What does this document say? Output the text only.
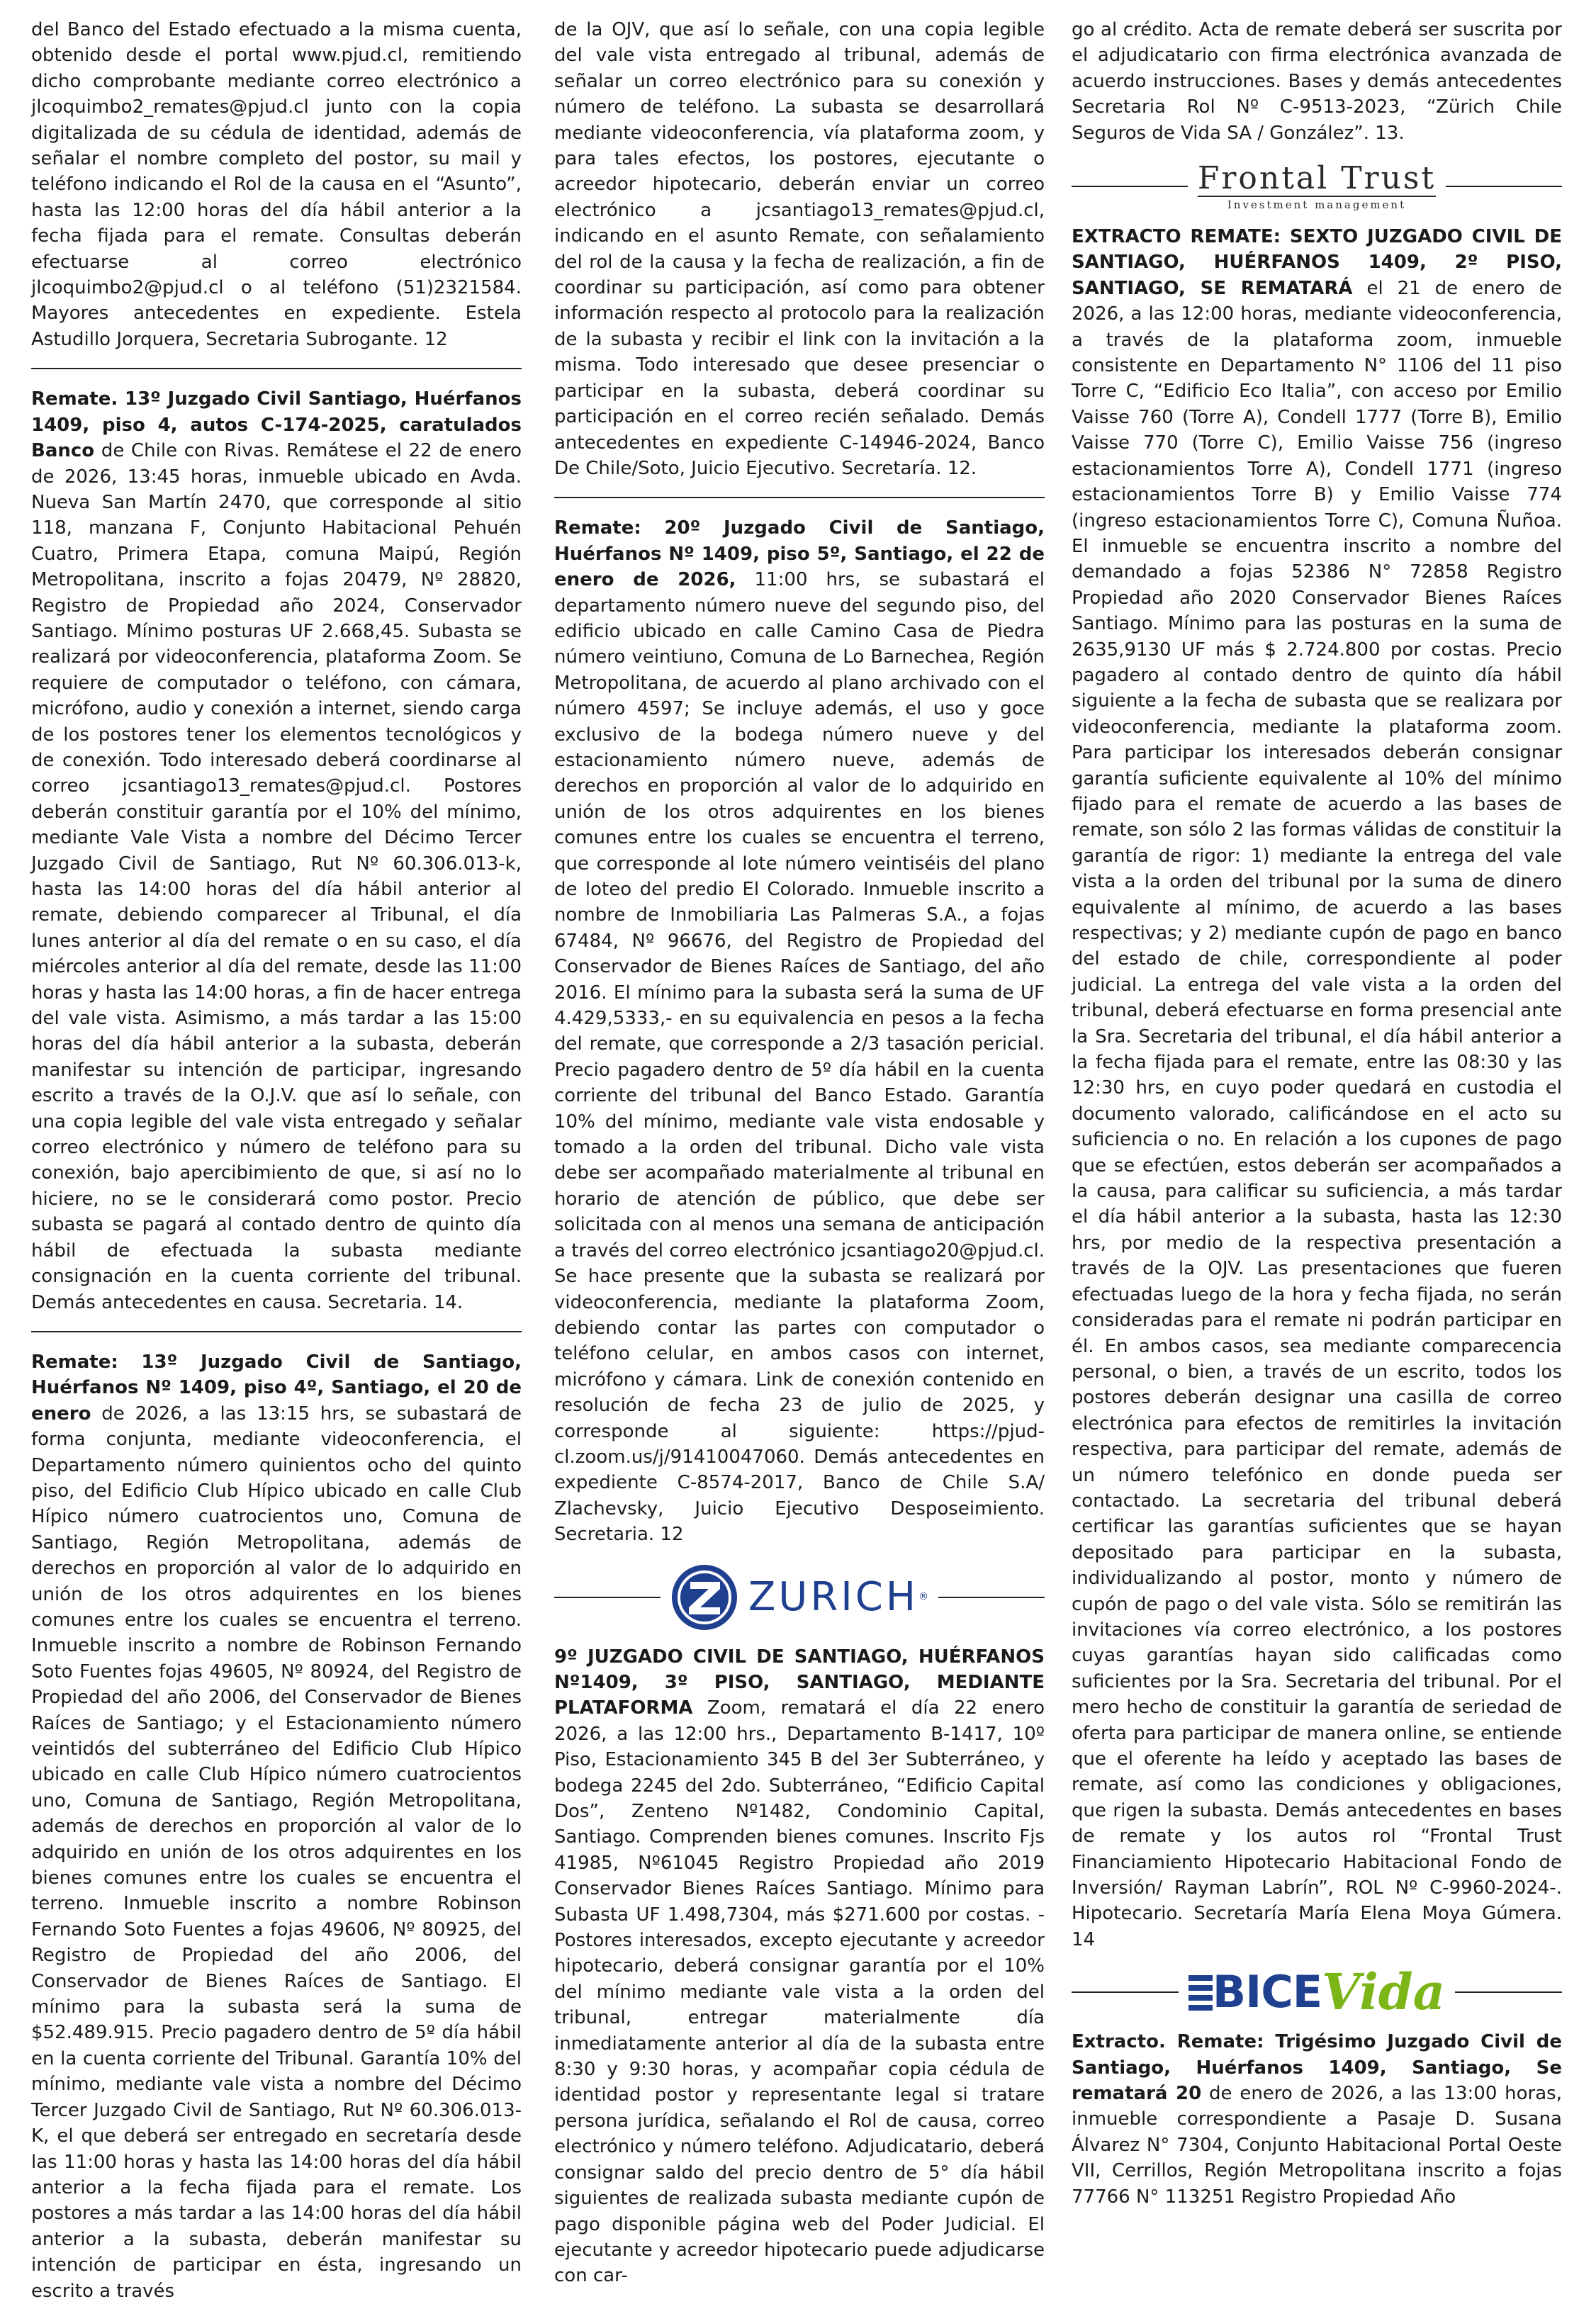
del Banco del Estado efectuado a la misma cuenta, obtenido desde el portal www.pjud.cl, remitiendo dicho comprobante mediante correo electrónico a jlcoquimbo2_remates@pjud.cl junto con la copia digitalizada de su cédula de identidad, además de señalar el nombre completo del postor, su mail y teléfono indicando el Rol de la causa en el “Asunto”, hasta las 12:00 horas del día hábil anterior a la fecha fijada para el remate. Consultas deberán efectuarse al correo electrónico jlcoquimbo2@pjud.cl o al teléfono (51)2321584. Mayores antecedentes en expediente. Estela Astudillo Jorquera, Secretaria Subrogante. 12

Remate. 13º Juzgado Civil Santiago, Huérfanos 1409, piso 4, autos C-174-2025, caratulados Banco de Chile con Rivas. Remátese el 22 de enero de 2026, 13:45 horas, inmueble ubicado en Avda. Nueva San Martín 2470, que corresponde al sitio 118, manzana F, Conjunto Habitacional Pehuén Cuatro, Primera Etapa, comuna Maipú, Región Metropolitana, inscrito a fojas 20479, Nº 28820, Registro de Propiedad año 2024, Conservador Santiago. Mínimo posturas UF 2.668,45. Subasta se realizará por videoconferencia, plataforma Zoom. Se requiere de computador o teléfono, con cámara, micrófono, audio y conexión a internet, siendo carga de los postores tener los elementos tecnológicos y de conexión. Todo interesado deberá coordinarse al correo jcsantiago13_remates@pjud.cl. Postores deberán constituir garantía por el 10% del mínimo, mediante Vale Vista a nombre del Décimo Tercer Juzgado Civil de Santiago, Rut Nº 60.306.013-k, hasta las 14:00 horas del día hábil anterior al remate, debiendo comparecer al Tribunal, el día lunes anterior al día del remate o en su caso, el día miércoles anterior al día del remate, desde las 11:00 horas y hasta las 14:00 horas, a fin de hacer entrega del vale vista. Asimismo, a más tardar a las 15:00 horas del día hábil anterior a la subasta, deberán manifestar su intención de participar, ingresando escrito a través de la O.J.V. que así lo señale, con una copia legible del vale vista entregado y señalar correo electrónico y número de teléfono para su conexión, bajo apercibimiento de que, si así no lo hiciere, no se le considerará como postor. Precio subasta se pagará al contado dentro de quinto día hábil de efectuada la subasta mediante consignación en la cuenta corriente del tribunal. Demás antecedentes en causa. Secretaria. 14.

Remate: 13º Juzgado Civil de Santiago, Huérfanos Nº 1409, piso 4º, Santiago, el 20 de enero de 2026, a las 13:15 hrs, se subastará de forma conjunta, mediante videoconferencia, el Departamento número quinientos ocho del quinto piso, del Edificio Club Hípico ubicado en calle Club Hípico número cuatrocientos uno, Comuna de Santiago, Región Metropolitana, además de derechos en proporción al valor de lo adquirido en unión de los otros adquirentes en los bienes comunes entre los cuales se encuentra el terreno. Inmueble inscrito a nombre de Robinson Fernando Soto Fuentes fojas 49605, Nº 80924, del Registro de Propiedad del año 2006, del Conservador de Bienes Raíces de Santiago; y el Estacionamiento número veintidós del subterráneo del Edificio Club Hípico ubicado en calle Club Hípico número cuatrocientos uno, Comuna de Santiago, Región Metropolitana, además de derechos en proporción al valor de lo adquirido en unión de los otros adquirentes en los bienes comunes entre los cuales se encuentra el terreno. Inmueble inscrito a nombre Robinson Fernando Soto Fuentes a fojas 49606, Nº 80925, del Registro de Propiedad del año 2006, del Conservador de Bienes Raíces de Santiago. El mínimo para la subasta será la suma de $52.489.915. Precio pagadero dentro de 5º día hábil en la cuenta corriente del Tribunal. Garantía 10% del mínimo, mediante vale vista a nombre del Décimo Tercer Juzgado Civil de Santiago, Rut Nº 60.306.013-K, el que deberá ser entregado en secretaría desde las 11:00 horas y hasta las 14:00 horas del día hábil anterior a la fecha fijada para el remate. Los postores a más tardar a las 14:00 horas del día hábil anterior a la subasta, deberán manifestar su intención de participar en ésta, ingresando un escrito a través

de la OJV, que así lo señale, con una copia legible del vale vista entregado al tribunal, además de señalar un correo electrónico para su conexión y número de teléfono. La subasta se desarrollará mediante videoconferencia, vía plataforma zoom, y para tales efectos, los postores, ejecutante o acreedor hipotecario, deberán enviar un correo electrónico a jcsantiago13_remates@pjud.cl, indicando en el asunto Remate, con señalamiento del rol de la causa y la fecha de realización, a fin de coordinar su participación, así como para obtener información respecto al protocolo para la realización de la subasta y recibir el link con la invitación a la misma. Todo interesado que desee presenciar o participar en la subasta, deberá coordinar su participación en el correo recién señalado. Demás antecedentes en expediente C-14946-2024, Banco De Chile/Soto, Juicio Ejecutivo. Secretaría. 12.

Remate: 20º Juzgado Civil de Santiago, Huérfanos Nº 1409, piso 5º, Santiago, el 22 de enero de 2026, 11:00 hrs, se subastará el departamento número nueve del segundo piso, del edificio ubicado en calle Camino Casa de Piedra número veintiuno, Comuna de Lo Barnechea, Región Metropolitana, de acuerdo al plano archivado con el número 4597; Se incluye además, el uso y goce exclusivo de la bodega número nueve y del estacionamiento número nueve, además de derechos en proporción al valor de lo adquirido en unión de los otros adquirentes en los bienes comunes entre los cuales se encuentra el terreno, que corresponde al lote número veintiséis del plano de loteo del predio El Colorado. Inmueble inscrito a nombre de Inmobiliaria Las Palmeras S.A., a fojas 67484, Nº 96676, del Registro de Propiedad del Conservador de Bienes Raíces de Santiago, del año 2016. El mínimo para la subasta será la suma de UF 4.429,5333,- en su equivalencia en pesos a la fecha del remate, que corresponde a 2/3 tasación pericial. Precio pagadero dentro de 5º día hábil en la cuenta corriente del tribunal del Banco Estado. Garantía 10% del mínimo, mediante vale vista endosable y tomado a la orden del tribunal. Dicho vale vista debe ser acompañado materialmente al tribunal en horario de atención de público, que debe ser solicitada con al menos una semana de anticipación a través del correo electrónico jcsantiago20@pjud.cl. Se hace presente que la subasta se realizará por videoconferencia, mediante la plataforma Zoom, debiendo contar las partes con computador o teléfono celular, en ambos casos con internet, micrófono y cámara. Link de conexión contenido en resolución de fecha 23 de julio de 2025, y corresponde al siguiente: https://pjud-cl.zoom.us/j/91410047060. Demás antecedentes en expediente C-8574-2017, Banco de Chile S.A/ Zlachevsky, Juicio Ejecutivo Desposeimiento. Secretaria. 12

ZURICH ®

9º JUZGADO CIVIL DE SANTIAGO, HUÉRFANOS Nº1409, 3º PISO, SANTIAGO, MEDIANTE PLATAFORMA Zoom, rematará el día 22 enero 2026, a las 12:00 hrs., Departamento B-1417, 10º Piso, Estacionamiento 345 B del 3er Subterráneo, y bodega 2245 del 2do. Subterráneo, “Edificio Capital Dos”, Zenteno Nº1482, Condominio Capital, Santiago. Comprenden bienes comunes. Inscrito Fjs 41985, Nº61045 Registro Propiedad año 2019 Conservador Bienes Raíces Santiago. Mínimo para Subasta UF 1.498,7304, más $271.600 por costas. -Postores interesados, excepto ejecutante y acreedor hipotecario, deberá consignar garantía por el 10% del mínimo mediante vale vista a la orden del tribunal, entregar materialmente día inmediatamente anterior al día de la subasta entre 8:30 y 9:30 horas, y acompañar copia cédula de identidad postor y representante legal si tratare persona jurídica, señalando el Rol de causa, correo electrónico y número teléfono. Adjudicatario, deberá consignar saldo del precio dentro de 5° día hábil siguientes de realizada subasta mediante cupón de pago disponible página web del Poder Judicial. El ejecutante y acreedor hipotecario puede adjudicarse con car-

go al crédito. Acta de remate deberá ser suscrita por el adjudicatario con firma electrónica avanzada de acuerdo instrucciones. Bases y demás antecedentes Secretaria Rol Nº C-9513-2023, “Zürich Chile Seguros de Vida SA / González”. 13.

Frontal Trust
Investment management

EXTRACTO REMATE: SEXTO JUZGADO CIVIL DE SANTIAGO, HUÉRFANOS 1409, 2º PISO, SANTIAGO, SE REMATARÁ el 21 de enero de 2026, a las 12:00 horas, mediante videoconferencia, a través de la plataforma zoom, inmueble consistente en Departamento N° 1106 del 11 piso Torre C, “Edificio Eco Italia”, con acceso por Emilio Vaisse 760 (Torre A), Condell 1777 (Torre B), Emilio Vaisse 770 (Torre C), Emilio Vaisse 756 (ingreso estacionamientos Torre A), Condell 1771 (ingreso estacionamientos Torre B) y Emilio Vaisse 774 (ingreso estacionamientos Torre C), Comuna Ñuñoa. El inmueble se encuentra inscrito a nombre del demandado a fojas 52386 N° 72858 Registro Propiedad año 2020 Conservador Bienes Raíces Santiago. Mínimo para las posturas en la suma de 2635,9130 UF más $ 2.724.800 por costas. Precio pagadero al contado dentro de quinto día hábil siguiente a la fecha de subasta que se realizara por videoconferencia, mediante la plataforma zoom. Para participar los interesados deberán consignar garantía suficiente equivalente al 10% del mínimo fijado para el remate de acuerdo a las bases de remate, son sólo 2 las formas válidas de constituir la garantía de rigor: 1) mediante la entrega del vale vista a la orden del tribunal por la suma de dinero equivalente al mínimo, de acuerdo a las bases respectivas; y 2) mediante cupón de pago en banco del estado de chile, correspondiente al poder judicial. La entrega del vale vista a la orden del tribunal, deberá efectuarse en forma presencial ante la Sra. Secretaria del tribunal, el día hábil anterior a la fecha fijada para el remate, entre las 08:30 y las 12:30 hrs, en cuyo poder quedará en custodia el documento valorado, calificándose en el acto su suficiencia o no. En relación a los cupones de pago que se efectúen, estos deberán ser acompañados a la causa, para calificar su suficiencia, a más tardar el día hábil anterior a la subasta, hasta las 12:30 hrs, por medio de la respectiva presentación a través de la OJV. Las presentaciones que fueren efectuadas luego de la hora y fecha fijada, no serán consideradas para el remate ni podrán participar en él. En ambos casos, sea mediante comparecencia personal, o bien, a través de un escrito, todos los postores deberán designar una casilla de correo electrónica para efectos de remitirles la invitación respectiva, para participar del remate, además de un número telefónico en donde pueda ser contactado. La secretaria del tribunal deberá certificar las garantías suficientes que se hayan depositado para participar en la subasta, individualizando al postor, monto y número de cupón de pago o del vale vista. Sólo se remitirán las invitaciones vía correo electrónico, a los postores cuyas garantías hayan sido calificadas como suficientes por la Sra. Secretaria del tribunal. Por el mero hecho de constituir la garantía de seriedad de oferta para participar de manera online, se entiende que el oferente ha leído y aceptado las bases de remate, así como las condiciones y obligaciones, que rigen la subasta. Demás antecedentes en bases de remate y los autos rol “Frontal Trust Financiamiento Hipotecario Habitacional Fondo de Inversión/ Rayman Labrín”, ROL Nº C-9960-2024-. Hipotecario. Secretaría María Elena Moya Gúmera. 14

BICE Vida

Extracto. Remate: Trigésimo Juzgado Civil de Santiago, Huérfanos 1409, Santiago, Se rematará 20 de enero de 2026, a las 13:00 horas, inmueble correspondiente a Pasaje D. Susana Álvarez N° 7304, Conjunto Habitacional Portal Oeste VII, Cerrillos, Región Metropolitana inscrito a fojas 77766 N° 113251 Registro Propiedad Año
